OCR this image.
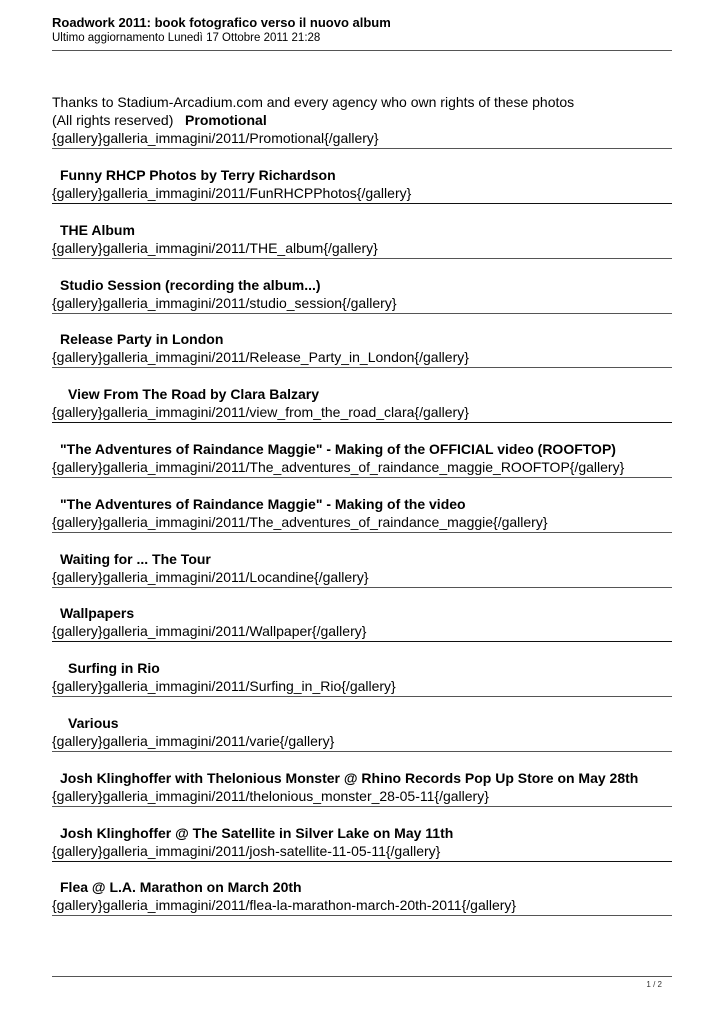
Roadwork 2011: book fotografico verso il nuovo album
Ultimo aggiornamento Lunedì 17 Ottobre 2011 21:28
Thanks to Stadium-Arcadium.com and every agency who own rights of these photos
(All rights reserved) Promotional
{gallery}galleria_immagini/2011/Promotional{/gallery}
Funny RHCP Photos by Terry Richardson
{gallery}galleria_immagini/2011/FunRHCPPhotos{/gallery}
THE Album
{gallery}galleria_immagini/2011/THE_album{/gallery}
Studio Session (recording the album...)
{gallery}galleria_immagini/2011/studio_session{/gallery}
Release Party in London
{gallery}galleria_immagini/2011/Release_Party_in_London{/gallery}
View From The Road by Clara Balzary
{gallery}galleria_immagini/2011/view_from_the_road_clara{/gallery}
"The Adventures of Raindance Maggie" - Making of the OFFICIAL video (ROOFTOP)
{gallery}galleria_immagini/2011/The_adventures_of_raindance_maggie_ROOFTOP{/gallery}
"The Adventures of Raindance Maggie" - Making of the video
{gallery}galleria_immagini/2011/The_adventures_of_raindance_maggie{/gallery}
Waiting for ... The Tour
{gallery}galleria_immagini/2011/Locandine{/gallery}
Wallpapers
{gallery}galleria_immagini/2011/Wallpaper{/gallery}
Surfing in Rio
{gallery}galleria_immagini/2011/Surfing_in_Rio{/gallery}
Various
{gallery}galleria_immagini/2011/varie{/gallery}
Josh Klinghoffer with Thelonious Monster @ Rhino Records Pop Up Store on May 28th
{gallery}galleria_immagini/2011/thelonious_monster_28-05-11{/gallery}
Josh Klinghoffer @ The Satellite in Silver Lake on May 11th
{gallery}galleria_immagini/2011/josh-satellite-11-05-11{/gallery}
Flea @ L.A. Marathon on March 20th
{gallery}galleria_immagini/2011/flea-la-marathon-march-20th-2011{/gallery}
1 / 2
